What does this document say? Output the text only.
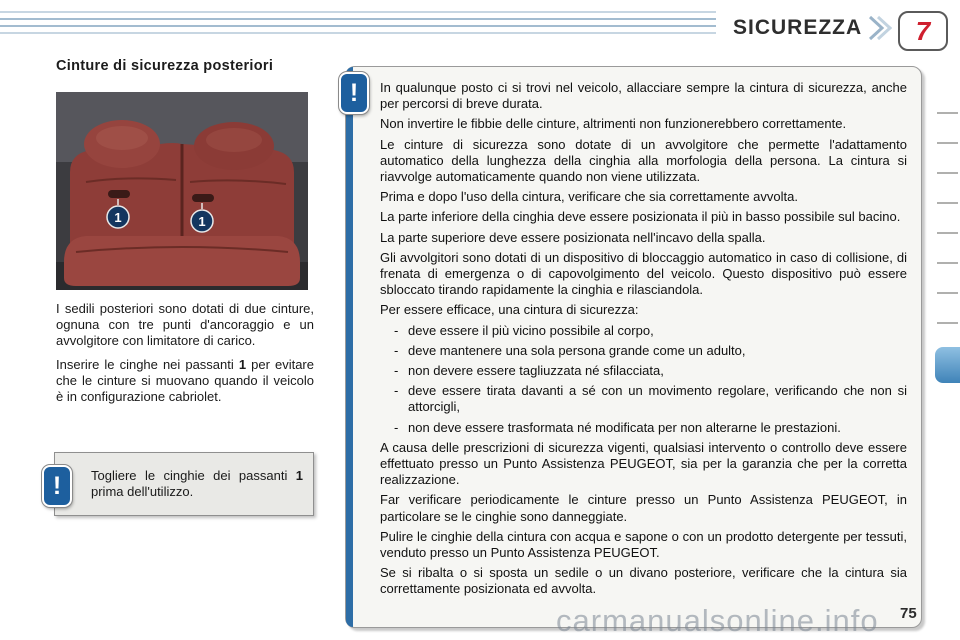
SICUREZZA 7
Cinture di sicurezza posteriori
1	1

I sedili posteriori sono dotati di due cinture, ognuna con tre punti d'ancoraggio e un avvolgitore con limitatore di carico.

Inserire le cinghe nei passanti 1 per evitare che le cinture si muovano quando il veicolo è in configurazione cabriolet.

Togliere le cinghie dei passanti 1 prima dell'utilizzo.

!

In qualunque posto ci si trovi nel veicolo, allacciare sempre la cintura di sicurezza, anche per percorsi di breve durata.

Non invertire le fibbie delle cinture, altrimenti non funzionerebbero correttamente.

Le cinture di sicurezza sono dotate di un avvolgitore che permette l'adattamento automatico della lunghezza della cinghia alla morfologia della persona. La cintura si riavvolge automaticamente quando non viene utilizzata.

Prima e dopo l'uso della cintura, verificare che sia correttamente avvolta.

La parte inferiore della cinghia deve essere posizionata il più in basso possibile sul bacino.

La parte superiore deve essere posizionata nell'incavo della spalla.

Gli avvolgitori sono dotati di un dispositivo di bloccaggio automatico in caso di collisione, di frenata di emergenza o di capovolgimento del veicolo. Questo dispositivo può essere sbloccato tirando rapidamente la cinghia e rilasciandola.

Per essere efficace, una cintura di sicurezza:

- deve essere il più vicino possibile al corpo,
- deve mantenere una sola persona grande come un adulto,
- non devere essere tagliuzzata né sfilacciata,
- deve essere tirata davanti a sé con un movimento regolare, verificando che non si attorcigli,
- non deve essere trasformata né modificata per non alterarne le prestazioni.

A causa delle prescrizioni di sicurezza vigenti, qualsiasi intervento o controllo deve essere effettuato presso un Punto Assistenza PEUGEOT, sia per la garanzia che per la corretta realizzazione.

Far verificare periodicamente le cinture presso un Punto Assistenza PEUGEOT, in particolare se le cinghie sono danneggiate.

Pulire le cinghie della cintura con acqua e sapone o con un prodotto detergente per tessuti, venduto presso un Punto Assistenza PEUGEOT.

Se si ribalta o si sposta un sedile o un divano posteriore, verificare che la cintura sia correttamente posizionata ed avvolta.

!
75
carmanualsonline.info
